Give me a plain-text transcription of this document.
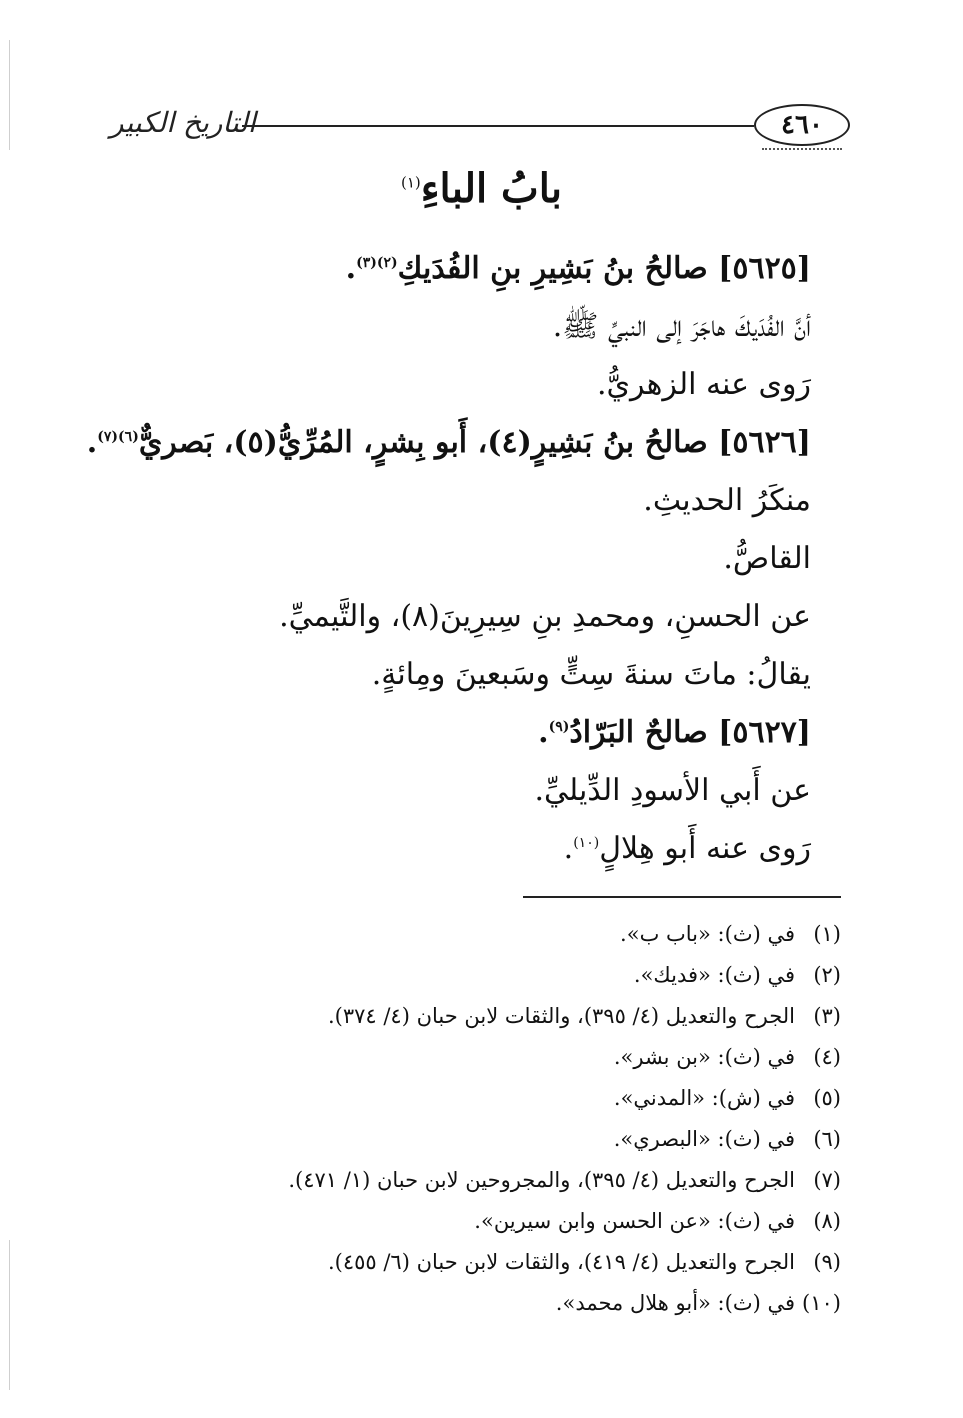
التاريخ الكبير	٤٦٠
بابُ الباءِ$^{(١)}$
[٥٦٢٥] صالحُ بنُ بَشِيرِ بنِ الفُدَيكِ$^{(٢)(٣)}$.
أنَّ الفُدَيكَ هاجَرَ إلى النبيِّ ﷺ.
رَوى عنه الزهريُّ.
[٥٦٢٦] صالحُ بنُ بَشِيرٍ(٤)، أَبو بِشرٍ، المُرِّيُّ(٥)، بَصريٌّ$^{(٦)(٧)}$.
منكَرُ الحديثِ.
القاصُّ.
عن الحسنِ، ومحمدِ بنِ سِيرِينَ(٨)، والتَّيميِّ.
يقالُ: ماتَ سنةَ سِتٍّ وسَبعينَ ومِائةٍ.
[٥٦٢٧] صالحٌ البَرّادُ$^{(٩)}$.
عن أَبي الأسودِ الدِّيليِّ.
رَوى عنه أَبو هِلالٍ$^{(١٠)}$.
(١)في (ث): «باب ب».
(٢)في (ث): «فديك».
(٣)الجرح والتعديل (٤/ ٣٩٥)، والثقات لابن حبان (٤/ ٣٧٤).
(٤)في (ث): «بن بشر».
(٥)في (ش): «المدني».
(٦)في (ث): «البصري».
(٧)الجرح والتعديل (٤/ ٣٩٥)، والمجروحين لابن حبان (١/ ٤٧١).
(٨)في (ث): «عن الحسن وابن سيرين».
(٩)الجرح والتعديل (٤/ ٤١٩)، والثقات لابن حبان (٦/ ٤٥٥).
(١٠)في (ث): «أبو هلال محمد».
